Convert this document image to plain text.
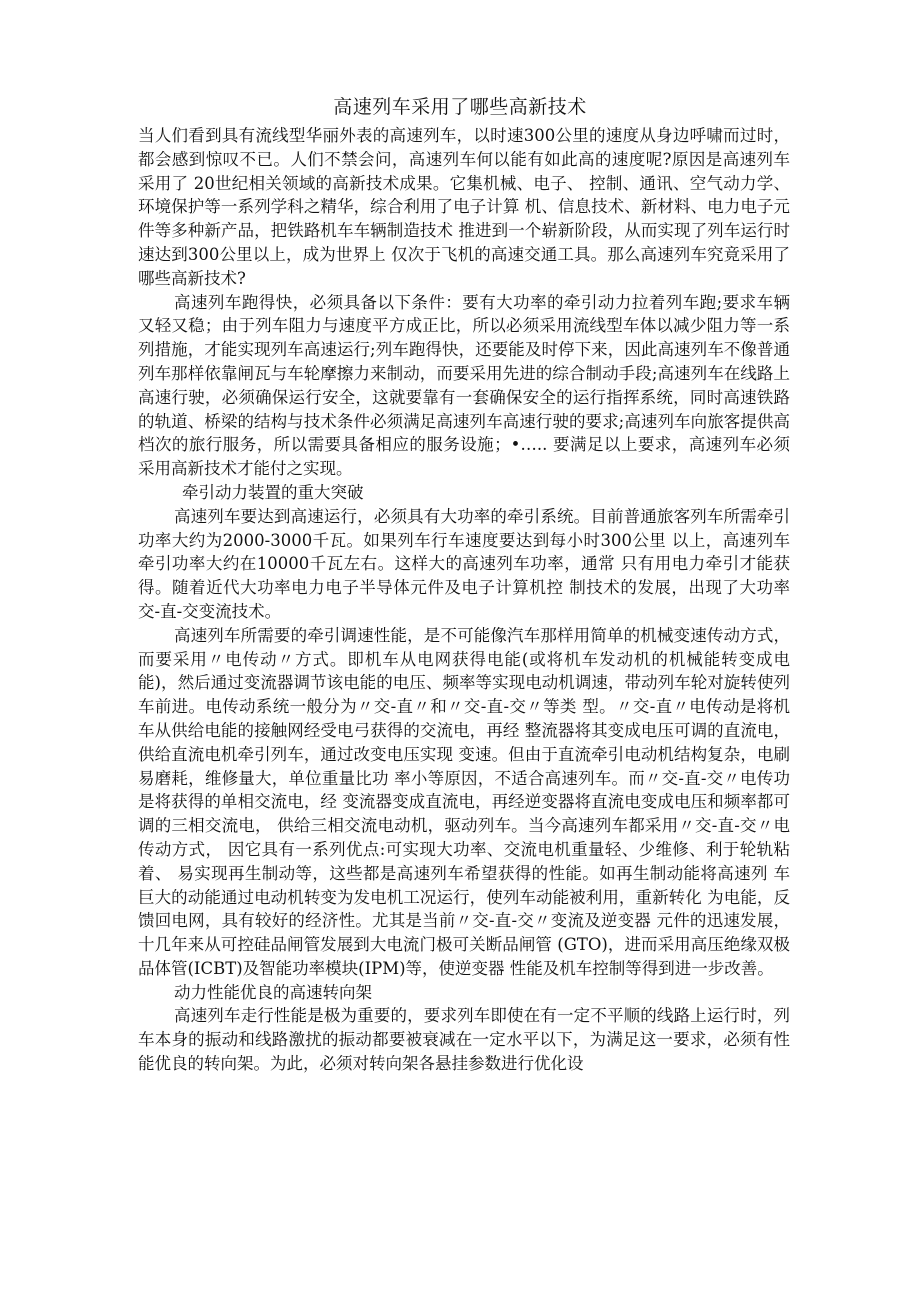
高速列车采用了哪些高新技术

当人们看到具有流线型华丽外表的高速列车，以时速300公里的速度从身边呼啸而过时，都会感到惊叹不已。人们不禁会问，高速列车何以能有如此高的速度呢?原因是高速列车采用了 20世纪相关领域的高新技术成果。它集机械、电子、 控制、通讯、空气动力学、环境保护等一系列学科之精华，综合利用了电子计算 机、信息技术、新材料、电力电子元件等多种新产品，把铁路机车车辆制造技术 推进到一个崭新阶段，从而实现了列车运行时速达到300公里以上，成为世界上 仅次于飞机的高速交通工具。那么高速列车究竟采用了哪些高新技术?

高速列车跑得快，必须具备以下条件：要有大功率的牵引动力拉着列车跑;要求车辆又轻又稳；由于列车阻力与速度平方成正比，所以必须采用流线型车体以减少阻力等一系列措施，才能实现列车高速运行;列车跑得快，还要能及时停下来，因此高速列车不像普通列车那样依靠闸瓦与车轮摩擦力来制动，而要采用先进的综合制动手段;高速列车在线路上高速行驶，必须确保运行安全，这就要靠有一套确保安全的运行指挥系统，同时高速铁路的轨道、桥梁的结构与技术条件必须满足高速列车高速行驶的要求;高速列车向旅客提供高档次的旅行服务，所以需要具备相应的服务设施；•….. 要满足以上要求，高速列车必须采用高新技术才能付之实现。

牵引动力装置的重大突破

高速列车要达到高速运行，必须具有大功率的牵引系统。目前普通旅客列车所需牵引功率大约为2000-3000千瓦。如果列车行车速度要达到每小时300公里 以上，高速列车牵引功率大约在10000千瓦左右。这样大的高速列车功率，通常 只有用电力牵引才能获得。随着近代大功率电力电子半导体元件及电子计算机控 制技术的发展，出现了大功率交-直-交变流技术。

高速列车所需要的牵引调速性能，是不可能像汽车那样用简单的机械变速传动方式，而要采用〃电传动〃方式。即机车从电网获得电能(或将机车发动机的机械能转变成电能)，然后通过变流器调节该电能的电压、频率等实现电动机调速，带动列车轮对旋转使列车前进。电传动系统一般分为〃交-直〃和〃交-直-交〃等类 型。〃交-直〃电传动是将机车从供给电能的接触网经受电弓获得的交流电，再经 整流器将其变成电压可调的直流电，供给直流电机牵引列车，通过改变电压实现 变速。但由于直流牵引电动机结构复杂，电刷易磨耗，维修量大，单位重量比功 率小等原因，不适合高速列车。而〃交-直-交〃电传功是将获得的单相交流电，经 变流器变成直流电，再经逆变器将直流电变成电压和频率都可调的三相交流电， 供给三相交流电动机，驱动列车。当今高速列车都采用〃交-直-交〃电传动方式， 因它具有一系列优点:可实现大功率、交流电机重量轻、少维修、利于轮轨粘着、 易实现再生制动等，这些都是高速列车希望获得的性能。如再生制动能将高速列 车巨大的动能通过电动机转变为发电机工况运行，使列车动能被利用，重新转化 为电能，反馈回电网，具有较好的经济性。尤其是当前〃交-直-交〃变流及逆变器 元件的迅速发展，十几年来从可控硅品闸管发展到大电流门极可关断品闸管 (GTO)，进而采用高压绝缘双极品体管(ICBT)及智能功率模块(IPM)等，使逆变器 性能及机车控制等得到进一步改善。

动力性能优良的高速转向架

高速列车走行性能是极为重要的，要求列车即使在有一定不平顺的线路上运行时，列车本身的振动和线路激扰的振动都要被衰减在一定水平以下，为满足这一要求，必须有性能优良的转向架。为此，必须对转向架各悬挂参数进行优化设
